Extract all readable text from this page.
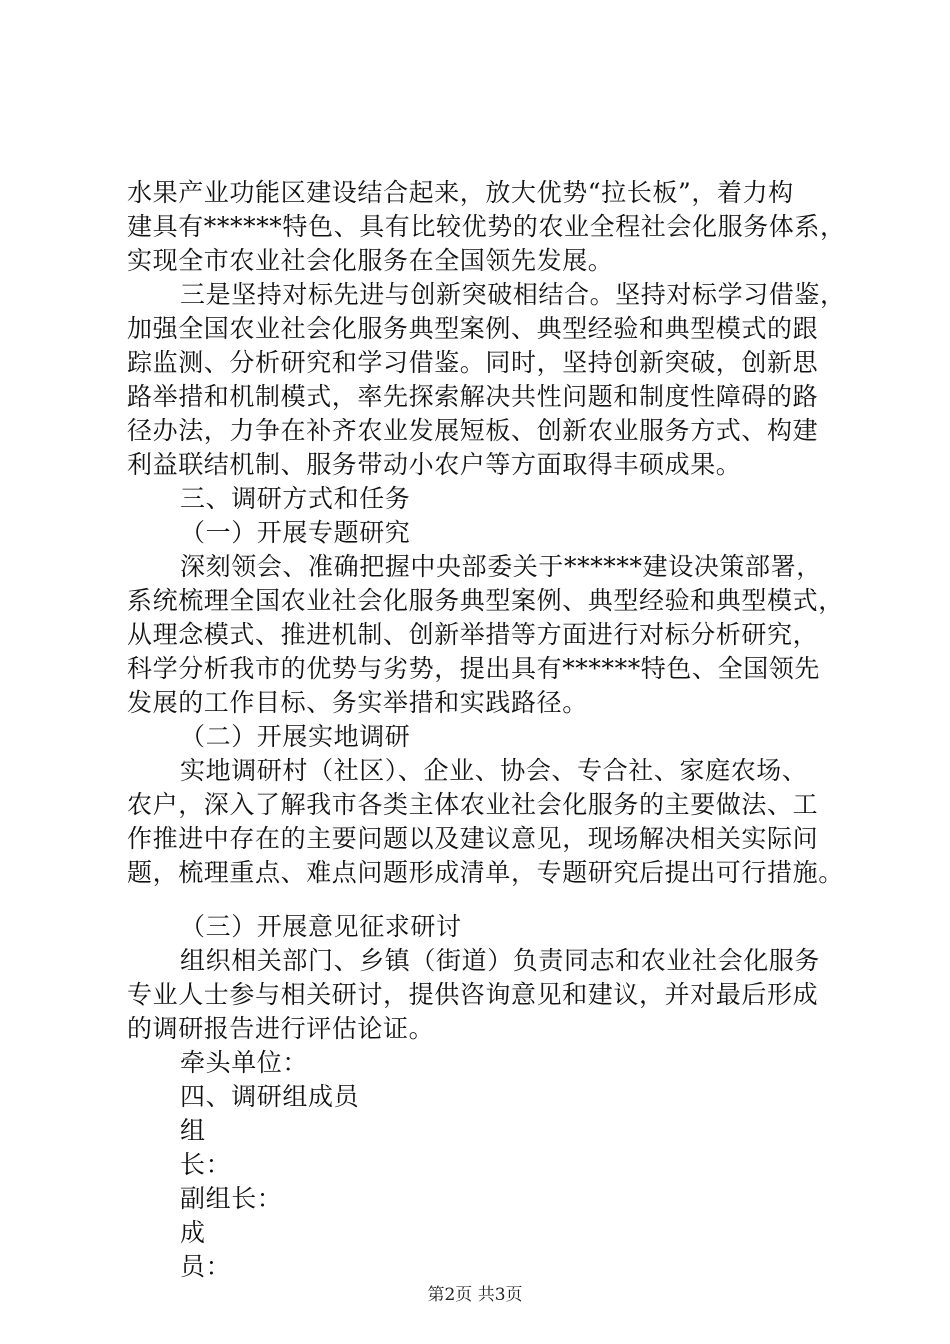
水果产业功能区建设结合起来，放大优势“拉长板”，着力构
建具有******特色、具有比较优势的农业全程社会化服务体系，
实现全市农业社会化服务在全国领先发展。
三是坚持对标先进与创新突破相结合。坚持对标学习借鉴，
加强全国农业社会化服务典型案例、典型经验和典型模式的跟
踪监测、分析研究和学习借鉴。同时，坚持创新突破，创新思
路举措和机制模式，率先探索解决共性问题和制度性障碍的路
径办法，力争在补齐农业发展短板、创新农业服务方式、构建
利益联结机制、服务带动小农户等方面取得丰硕成果。
三、调研方式和任务
（一）开展专题研究
深刻领会、准确把握中央部委关于******建设决策部署，
系统梳理全国农业社会化服务典型案例、典型经验和典型模式，
从理念模式、推进机制、创新举措等方面进行对标分析研究，
科学分析我市的优势与劣势，提出具有******特色、全国领先
发展的工作目标、务实举措和实践路径。
（二）开展实地调研
实地调研村（社区）、企业、协会、专合社、家庭农场、
农户，深入了解我市各类主体农业社会化服务的主要做法、工
作推进中存在的主要问题以及建议意见，现场解决相关实际问
题，梳理重点、难点问题形成清单，专题研究后提出可行措施。
（三）开展意见征求研讨
组织相关部门、乡镇（街道）负责同志和农业社会化服务
专业人士参与相关研讨，提供咨询意见和建议，并对最后形成
的调研报告进行评估论证。
牵头单位：
四、调研组成员
组
长：
副组长：
成
员：
第2页 共3页
